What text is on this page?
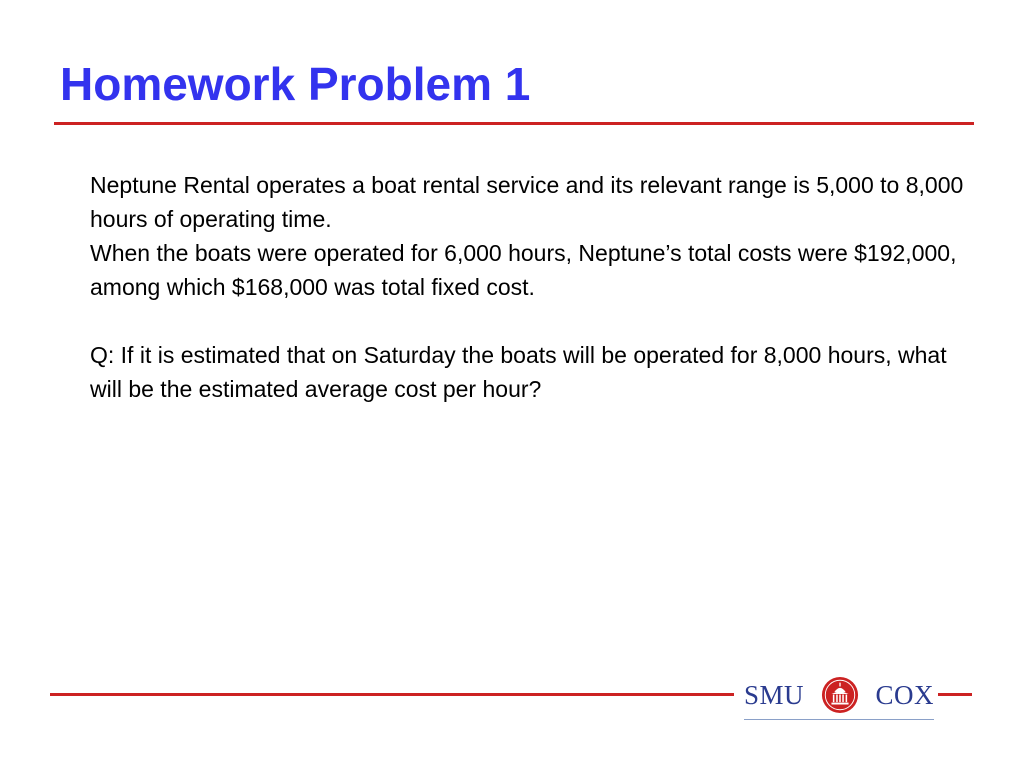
Homework Problem 1

Neptune Rental operates a boat rental service and its relevant range is 5,000 to 8,000 hours of operating time.

When the boats were operated for 6,000 hours, Neptune’s total costs were $192,000, among which $168,000 was total fixed cost.

Q: If it is estimated that on Saturday the boats will be operated for 8,000 hours, what will be the estimated average cost per hour?

SMU	COX
